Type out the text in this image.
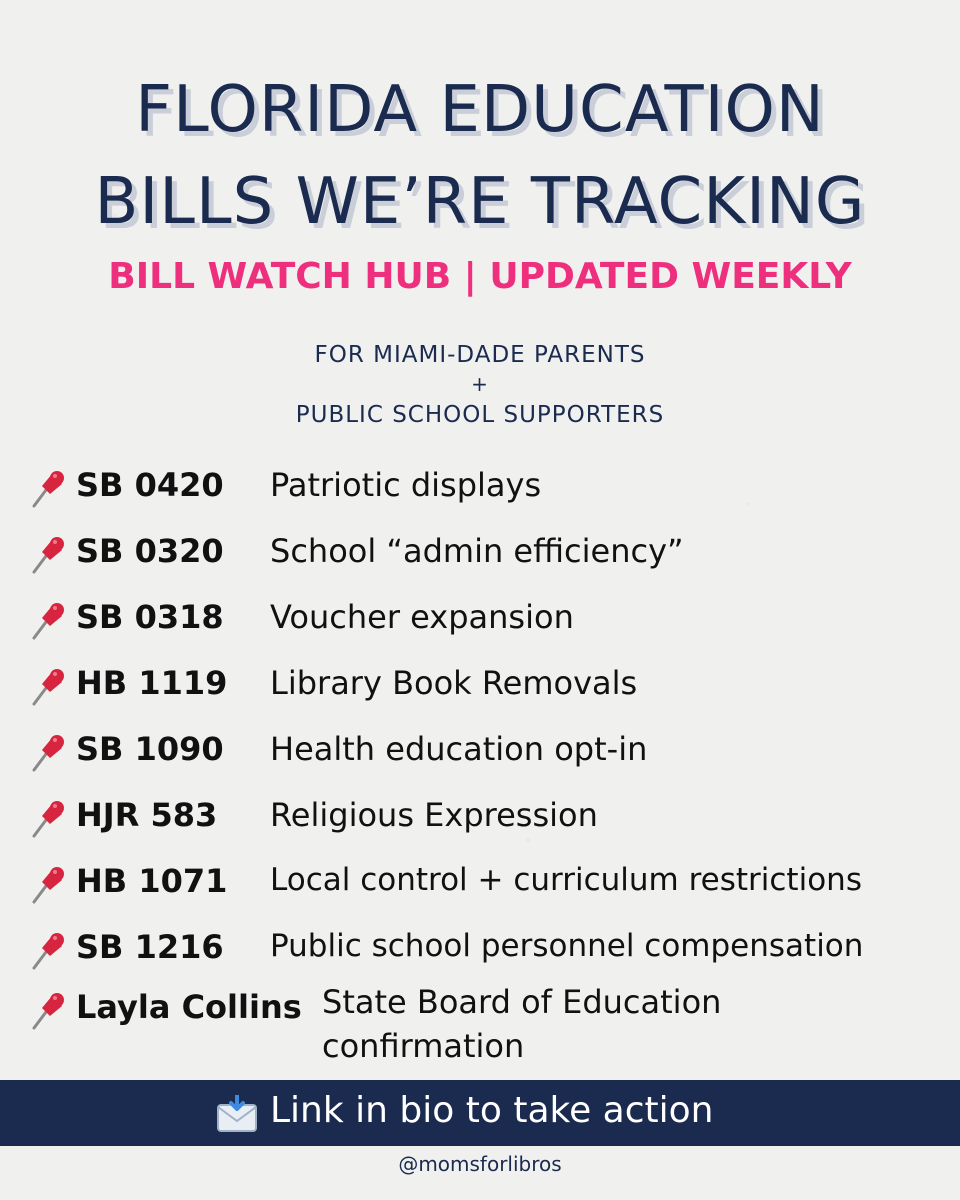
FLORIDA EDUCATION
BILLS WE’RE TRACKING
BILL WATCH HUB | UPDATED WEEKLY
FOR MIAMI-DADE PARENTS
+
PUBLIC SCHOOL SUPPORTERS
SB 0420 Patriotic displays
SB 0320 School “admin efficiency”
SB 0318 Voucher expansion
HB 1119 Library Book Removals
SB 1090 Health education opt-in
HJR 583 Religious Expression
HB 1071 Local control + curriculum restrictions
SB 1216 Public school personnel compensation
Layla Collins State Board of Education confirmation
Link in bio to take action
@momsforlibros
